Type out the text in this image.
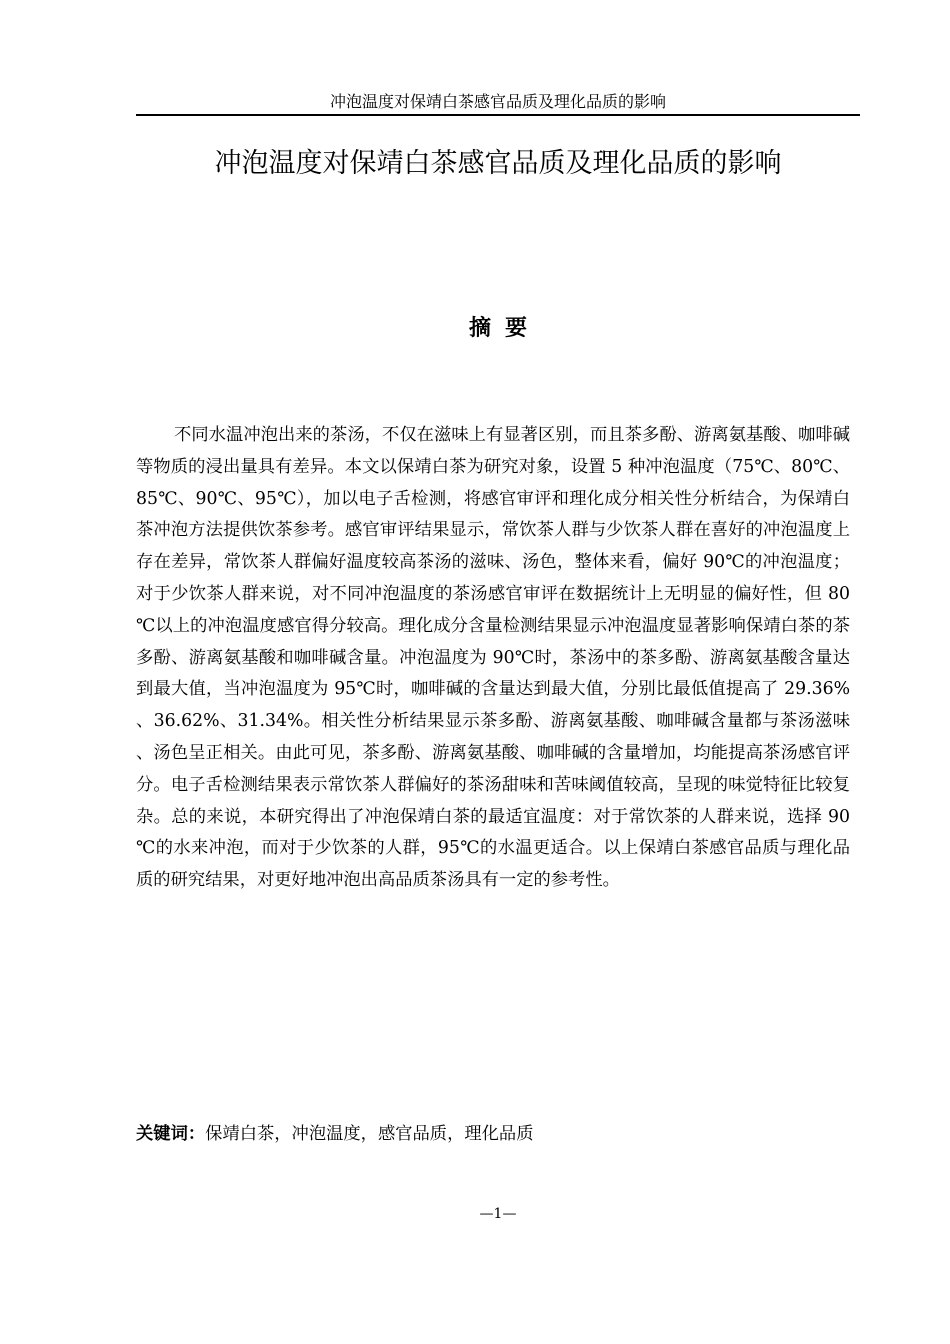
冲泡温度对保靖白茶感官品质及理化品质的影响
冲泡温度对保靖白茶感官品质及理化品质的影响
摘要

不同水温冲泡出来的茶汤，不仅在滋味上有显著区别，而且茶多酚、游离氨基酸、咖啡碱等物质的浸出量具有差异。本文以保靖白茶为研究对象，设置 5 种冲泡温度（75℃、80℃、85℃、90℃、95℃），加以电子舌检测，将感官审评和理化成分相关性分析结合，为保靖白茶冲泡方法提供饮茶参考。感官审评结果显示，常饮茶人群与少饮茶人群在喜好的冲泡温度上存在差异，常饮茶人群偏好温度较高茶汤的滋味、汤色，整体来看，偏好 90℃的冲泡温度；对于少饮茶人群来说，对不同冲泡温度的茶汤感官审评在数据统计上无明显的偏好性，但 80℃以上的冲泡温度感官得分较高。理化成分含量检测结果显示冲泡温度显著影响保靖白茶的茶多酚、游离氨基酸和咖啡碱含量。冲泡温度为 90℃时，茶汤中的茶多酚、游离氨基酸含量达到最大值，当冲泡温度为 95℃时，咖啡碱的含量达到最大值，分别比最低值提高了 29.36%、36.62%、31.34%。相关性分析结果显示茶多酚、游离氨基酸、咖啡碱含量都与茶汤滋味、汤色呈正相关。由此可见，茶多酚、游离氨基酸、咖啡碱的含量增加，均能提高茶汤感官评分。电子舌检测结果表示常饮茶人群偏好的茶汤甜味和苦味阈值较高，呈现的味觉特征比较复杂。总的来说，本研究得出了冲泡保靖白茶的最适宜温度：对于常饮茶的人群来说，选择 90℃的水来冲泡，而对于少饮茶的人群，95℃的水温更适合。以上保靖白茶感官品质与理化品质的研究结果，对更好地冲泡出高品质茶汤具有一定的参考性。

关键词：保靖白茶，冲泡温度，感官品质，理化品质

—1—
